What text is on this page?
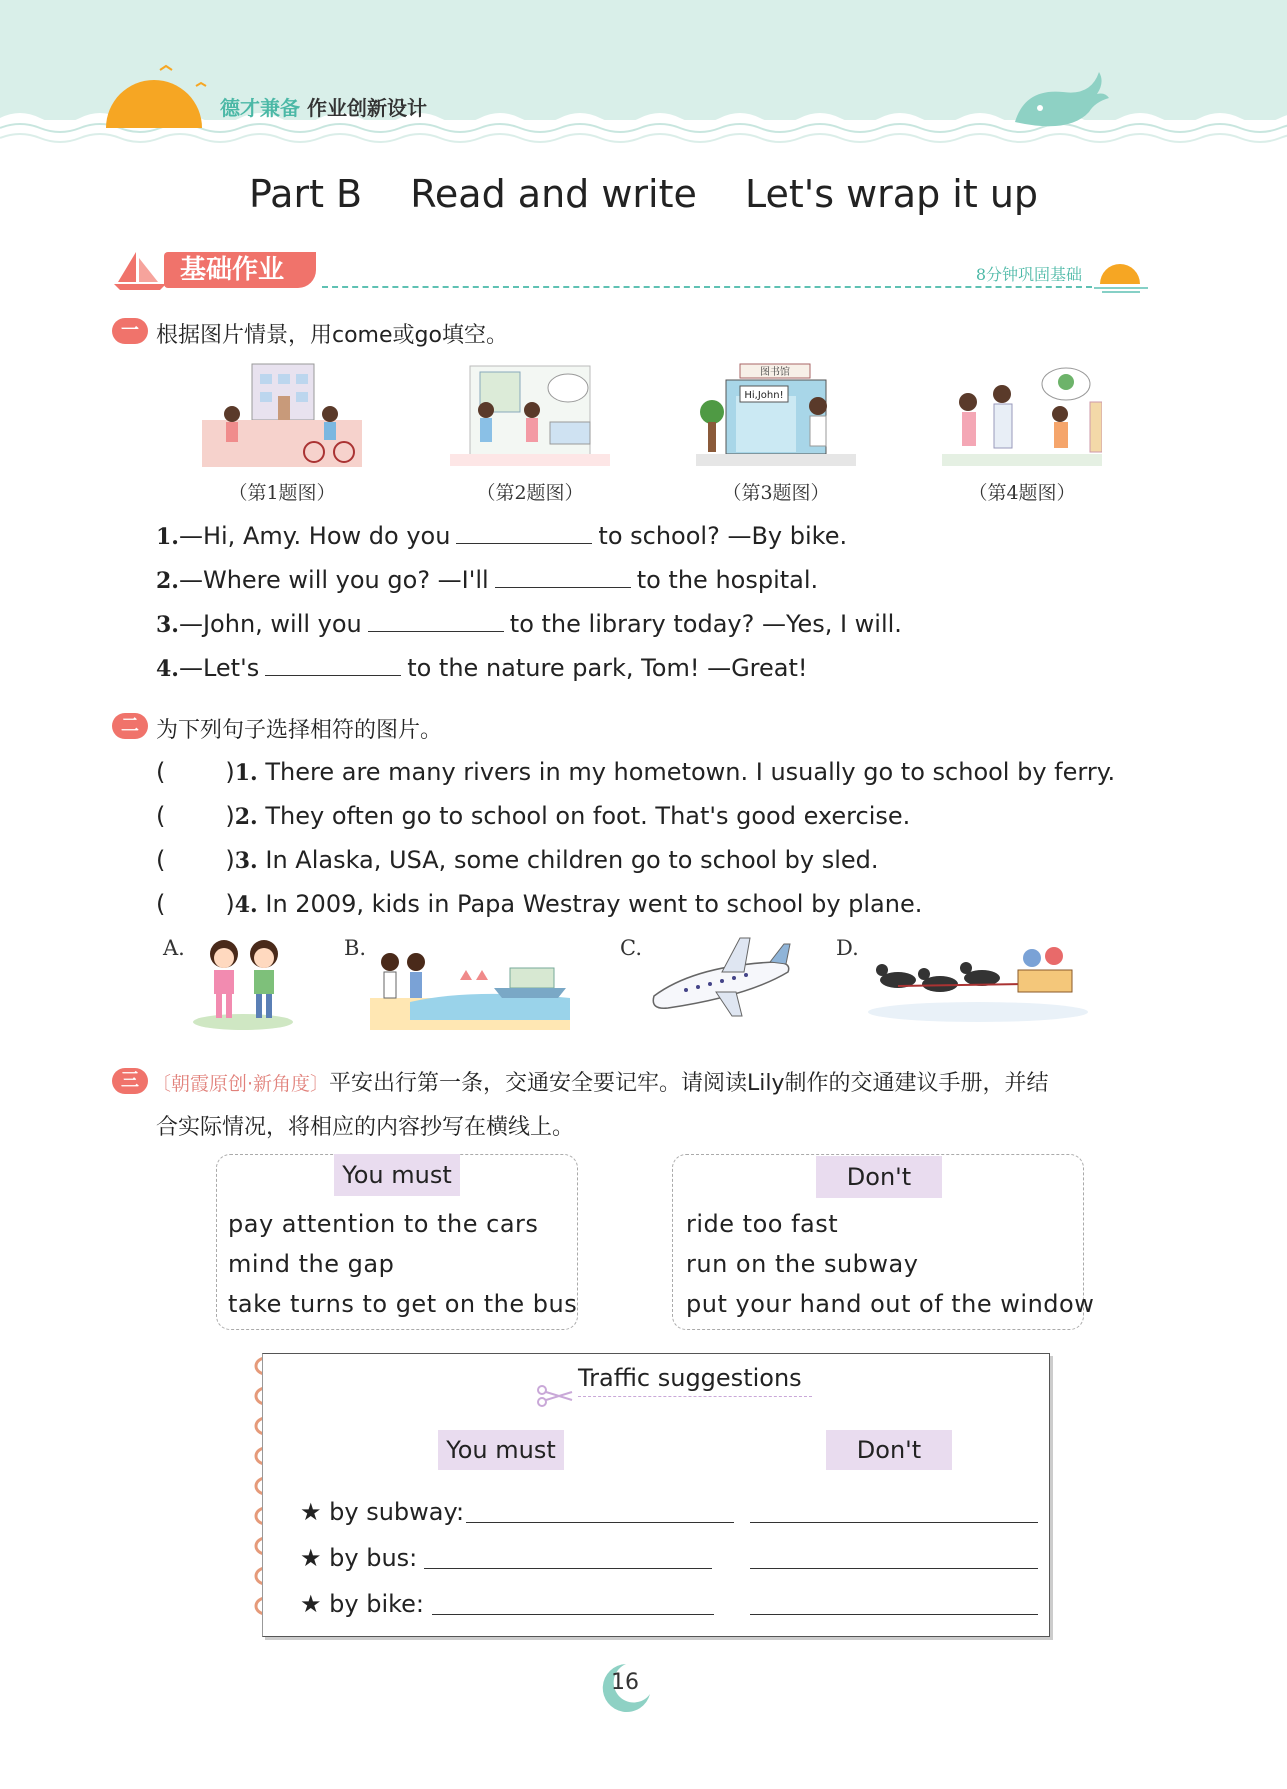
德才兼备 作业创新设计
Part B Read and write Let's wrap it up
基础作业	8分钟巩固基础
一 根据图片情景，用come或go填空。
（第1题图）	（第2题图）
图书馆
Hi,John!
（第3题图）	（第4题图）
1.—Hi, Amy. How do you	to school? —By bike.
2.—Where will you go? —I'll	to the hospital.
3.—John, will you	to the library today? —Yes, I will.
4.—Let's	to the nature park, Tom! —Great!
二 为下列句子选择相符的图片。
(	)1. There are many rivers in my hometown. I usually go to school by ferry.
(	)2. They often go to school on foot. That's good exercise.
(	)3. In Alaska, USA, some children go to school by sled.
(	)4. In 2009, kids in Papa Westray went to school by plane.
A.	B.	C.	D.
三 〔朝霞原创·新角度〕平安出行第一条，交通安全要记牢。请阅读Lily制作的交通建议手册，并结
合实际情况，将相应的内容抄写在横线上。
You must
pay attention to the cars
mind the gap
take turns to get on the bus
Don't
ride too fast
run on the subway
put your hand out of the window
Traffic suggestions
You must	Don't
★ by subway:
★ by bus:
★ by bike:
16
